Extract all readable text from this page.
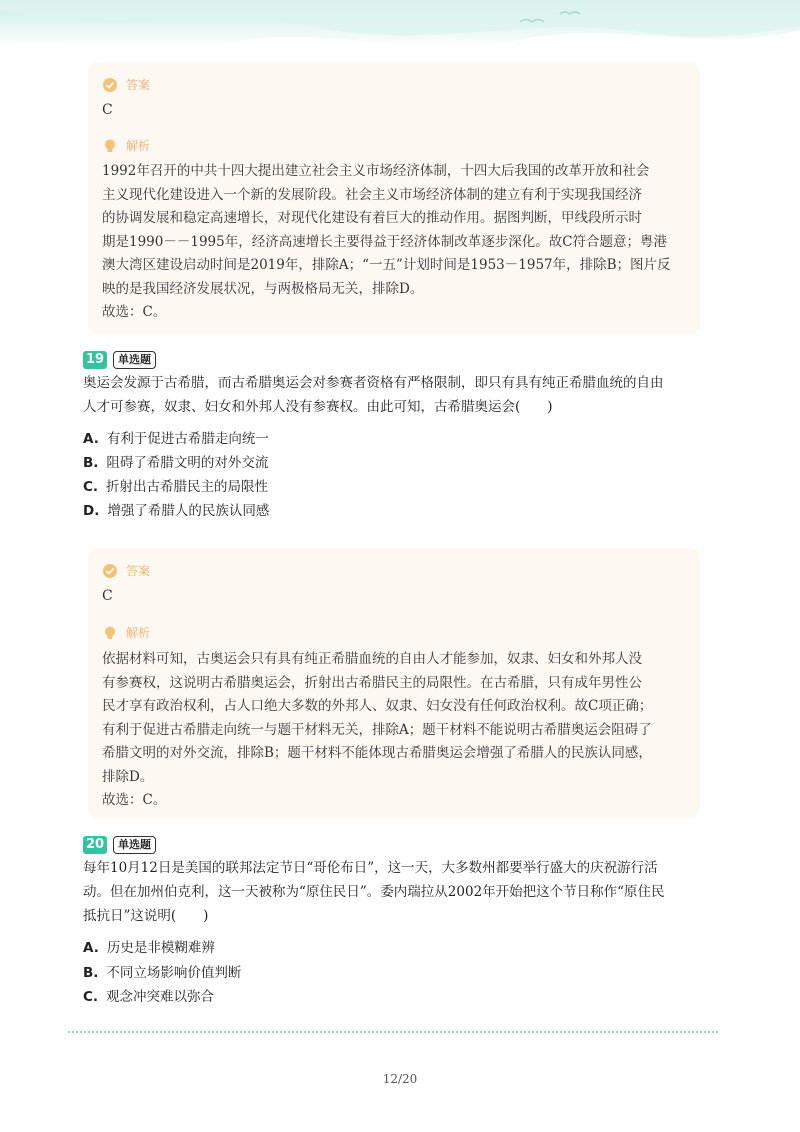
答案
C
解析
1992年召开的中共十四大提出建立社会主义市场经济体制，十四大后我国的改革开放和社会
主义现代化建设进入一个新的发展阶段。社会主义市场经济体制的建立有利于实现我国经济
的协调发展和稳定高速增长，对现代化建设有着巨大的推动作用。据图判断，甲线段所示时
期是1990－－1995年，经济高速增长主要得益于经济体制改革逐步深化。故C符合题意；粤港
澳大湾区建设启动时间是2019年，排除A；“一五”计划时间是1953－1957年，排除B；图片反
映的是我国经济发展状况，与两极格局无关，排除D。
故选：C。
19	单选题
奥运会发源于古希腊，而古希腊奥运会对参赛者资格有严格限制，即只有具有纯正希腊血统的自由
人才可参赛，奴隶、妇女和外邦人没有参赛权。由此可知，古希腊奥运会(　　)
A. 有利于促进古希腊走向统一
B. 阻碍了希腊文明的对外交流
C. 折射出古希腊民主的局限性
D. 增强了希腊人的民族认同感
答案
C
解析
依据材料可知，古奥运会只有具有纯正希腊血统的自由人才能参加，奴隶、妇女和外邦人没
有参赛权，这说明古希腊奥运会，折射出古希腊民主的局限性。在古希腊，只有成年男性公
民才享有政治权利，占人口绝大多数的外邦人、奴隶、妇女没有任何政治权利。故C项正确；
有利于促进古希腊走向统一与题干材料无关，排除A；题干材料不能说明古希腊奥运会阻碍了
希腊文明的对外交流，排除B；题干材料不能体现古希腊奥运会增强了希腊人的民族认同感，
排除D。
故选：C。
20	单选题
每年10月12日是美国的联邦法定节日“哥伦布日”，这一天，大多数州都要举行盛大的庆祝游行活
动。但在加州伯克利，这一天被称为“原住民日”。委内瑞拉从2002年开始把这个节日称作“原住民
抵抗日”这说明(　　)
A. 历史是非模糊难辨
B. 不同立场影响价值判断
C. 观念冲突难以弥合
12/20
